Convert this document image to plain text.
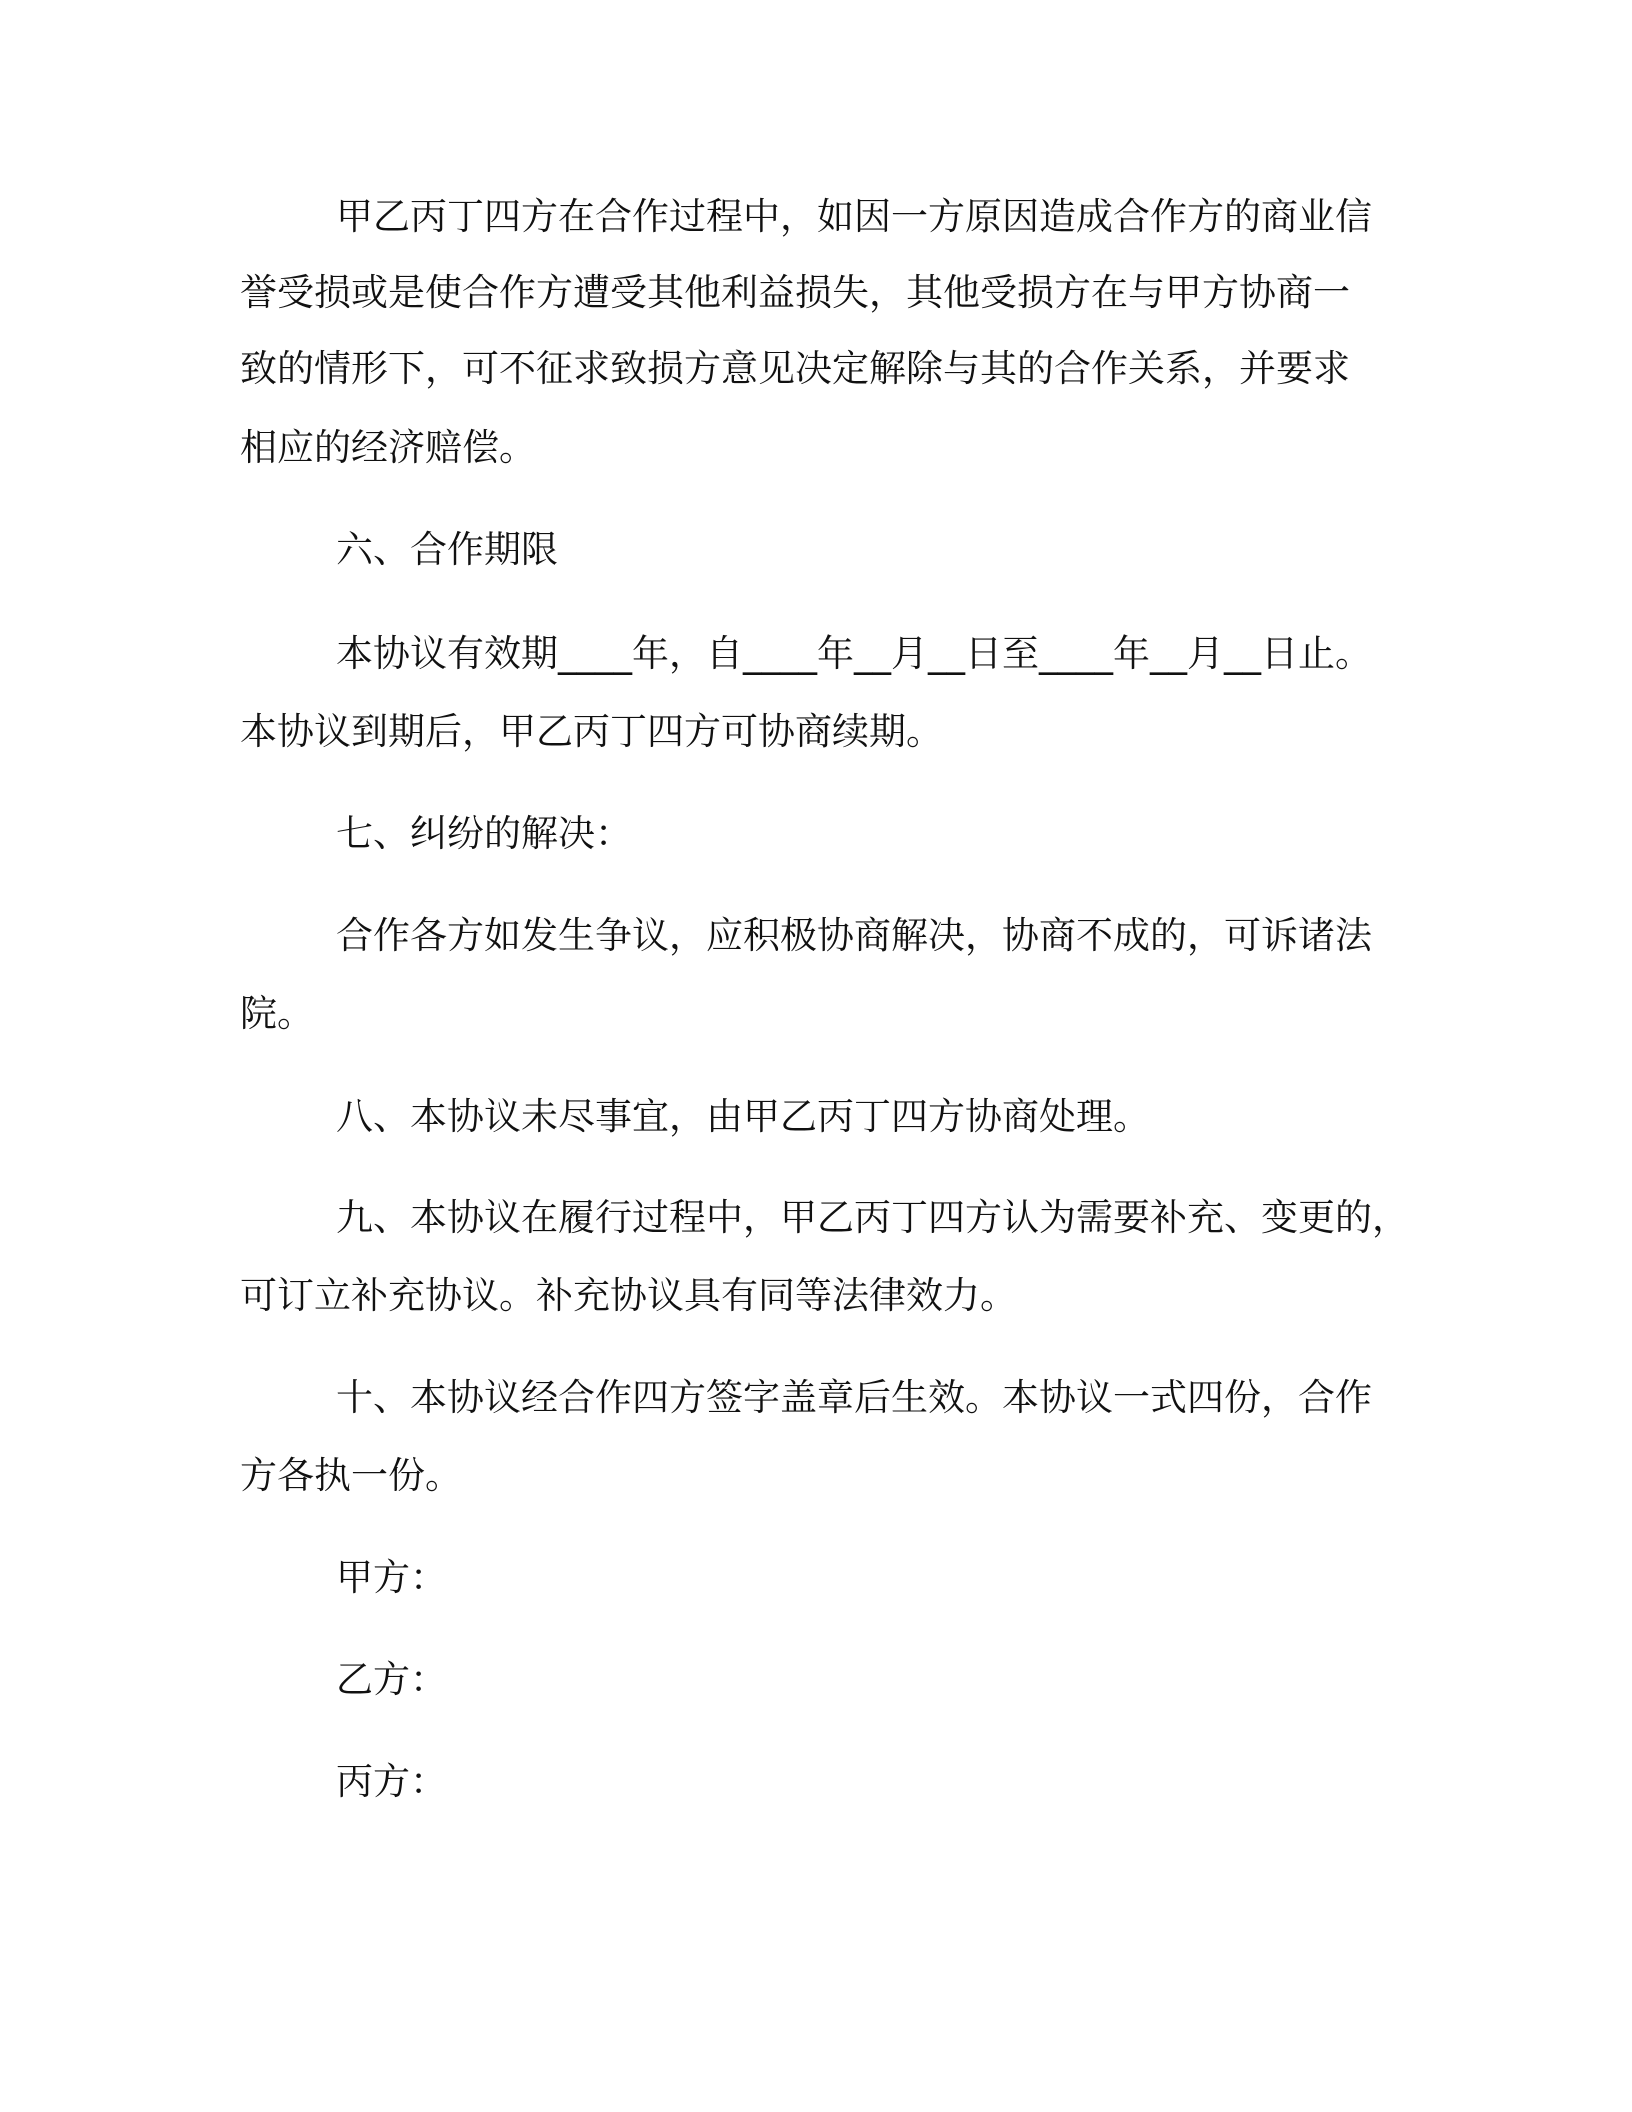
甲乙丙丁四方在合作过程中，如因一方原因造成合作方的商业信
誉受损或是使合作方遭受其他利益损失，其他受损方在与甲方协商一
致的情形下，可不征求致损方意见决定解除与其的合作关系，并要求
相应的经济赔偿。
六、合作期限
本协议有效期____年，自____年__月__日至____年__月__日止。
本协议到期后，甲乙丙丁四方可协商续期。
七、纠纷的解决：
合作各方如发生争议，应积极协商解决，协商不成的，可诉诸法
院。
八、本协议未尽事宜，由甲乙丙丁四方协商处理。
九、本协议在履行过程中，甲乙丙丁四方认为需要补充、变更的，
可订立补充协议。补充协议具有同等法律效力。
十、本协议经合作四方签字盖章后生效。本协议一式四份，合作
方各执一份。
甲方：
乙方：
丙方：
